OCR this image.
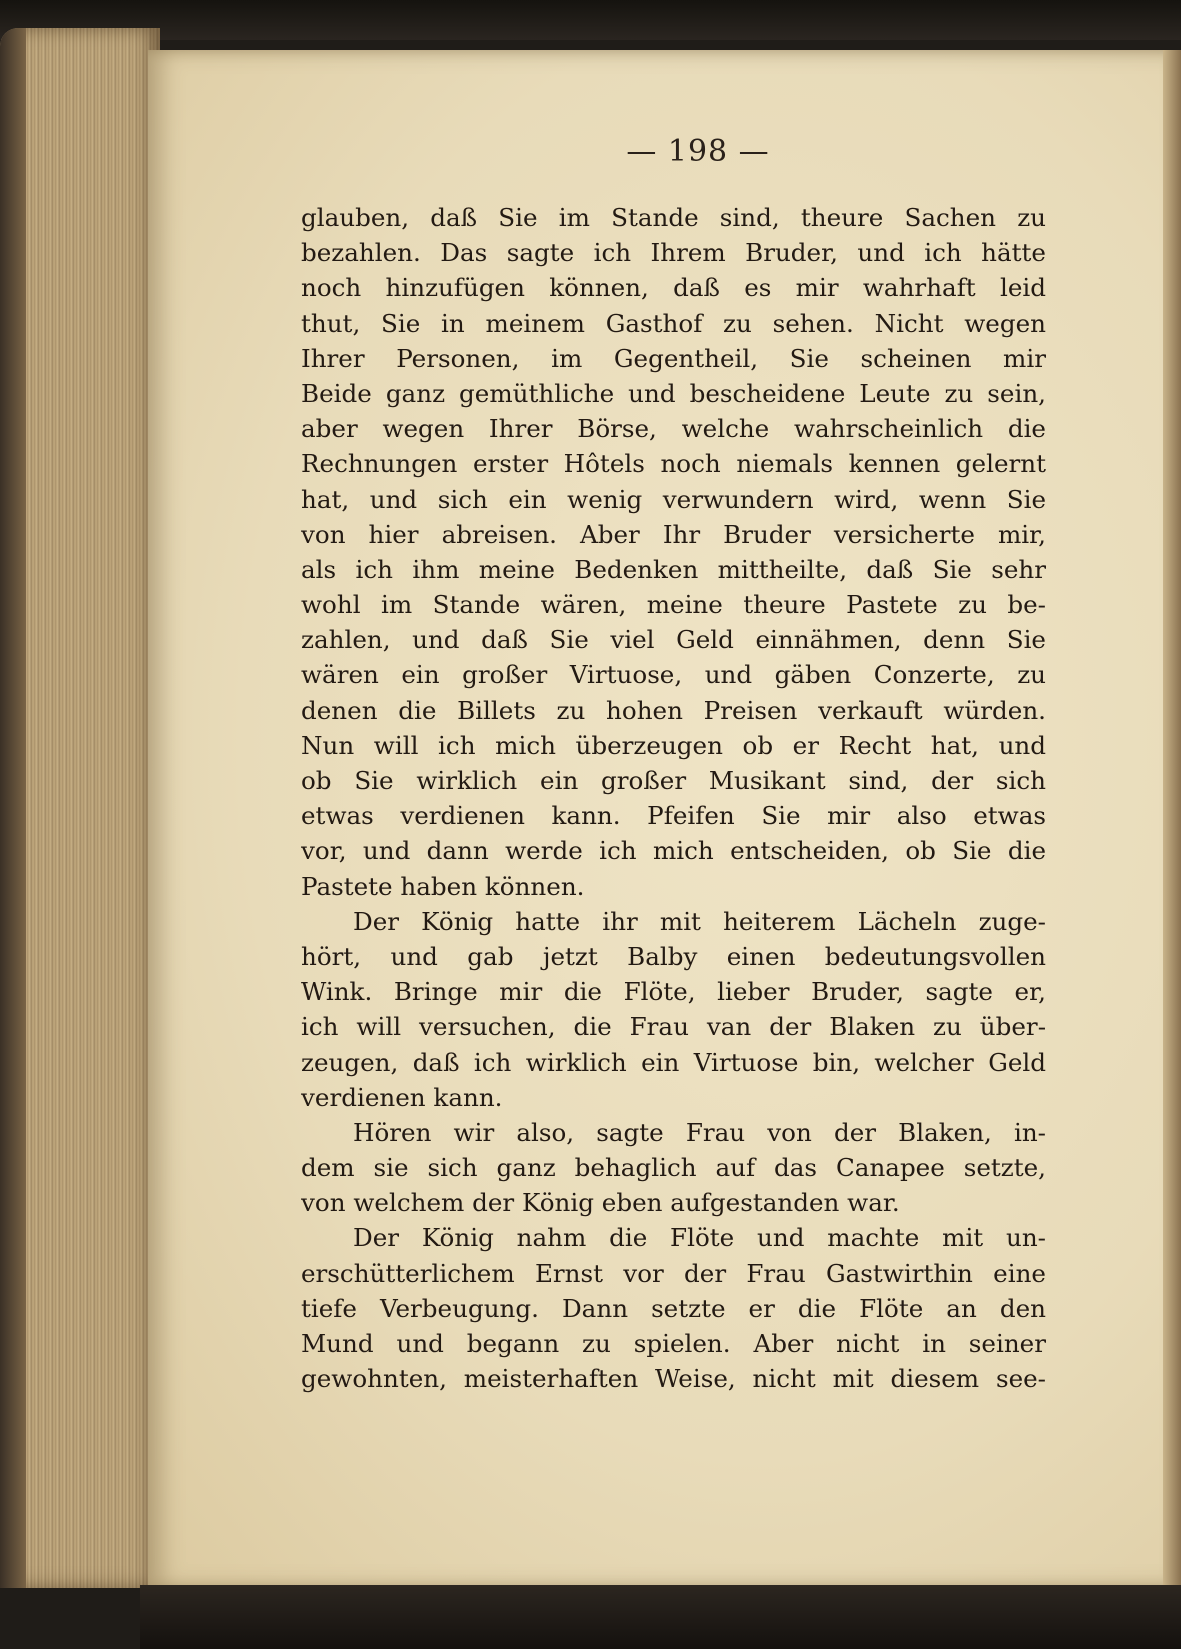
— 198 —
glauben, daß Sie im Stande sind, theure Sachen zu
bezahlen. Das sagte ich Ihrem Bruder, und ich hätte
noch hinzufügen können, daß es mir wahrhaft leid
thut, Sie in meinem Gasthof zu sehen. Nicht wegen
Ihrer Personen, im Gegentheil, Sie scheinen mir
Beide ganz gemüthliche und bescheidene Leute zu sein,
aber wegen Ihrer Börse, welche wahrscheinlich die
Rechnungen erster Hôtels noch niemals kennen gelernt
hat, und sich ein wenig verwundern wird, wenn Sie
von hier abreisen. Aber Ihr Bruder versicherte mir,
als ich ihm meine Bedenken mittheilte, daß Sie sehr
wohl im Stande wären, meine theure Pastete zu be-
zahlen, und daß Sie viel Geld einnähmen, denn Sie
wären ein großer Virtuose, und gäben Conzerte, zu
denen die Billets zu hohen Preisen verkauft würden.
Nun will ich mich überzeugen ob er Recht hat, und
ob Sie wirklich ein großer Musikant sind, der sich
etwas verdienen kann. Pfeifen Sie mir also etwas
vor, und dann werde ich mich entscheiden, ob Sie die
Pastete haben können.
Der König hatte ihr mit heiterem Lächeln zuge-
hört, und gab jetzt Balby einen bedeutungsvollen
Wink. Bringe mir die Flöte, lieber Bruder, sagte er,
ich will versuchen, die Frau van der Blaken zu über-
zeugen, daß ich wirklich ein Virtuose bin, welcher Geld
verdienen kann.
Hören wir also, sagte Frau von der Blaken, in-
dem sie sich ganz behaglich auf das Canapee setzte,
von welchem der König eben aufgestanden war.
Der König nahm die Flöte und machte mit un-
erschütterlichem Ernst vor der Frau Gastwirthin eine
tiefe Verbeugung. Dann setzte er die Flöte an den
Mund und begann zu spielen. Aber nicht in seiner
gewohnten, meisterhaften Weise, nicht mit diesem see-
